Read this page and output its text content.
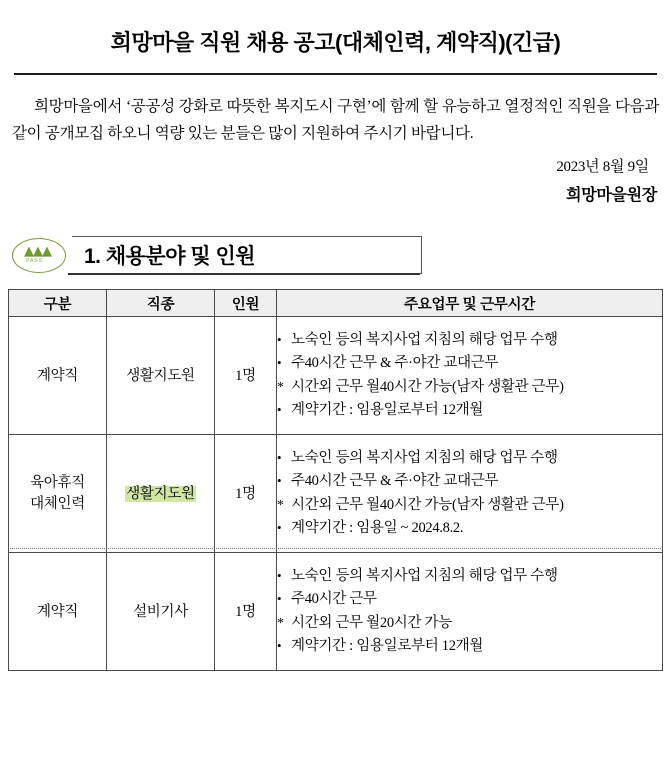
희망마을 직원 채용 공고(대체인력, 계약직)(긴급)
희망마을에서 ‘공공성 강화로 따뜻한 복지도시 구현’에 함께 할 유능하고 열정적인 직원을 다음과 같이 공개모집 하오니 역량 있는 분들은 많이 지원하여 주시기 바랍니다.
2023년 8월 9일
희망마을원장
▲▲▲
PASS	1. 채용분야 및 인원
구분	직종	인원	주요업무 및 근무시간
계약직	생활지도원	1명	
• 노숙인 등의 복지사업 지침의 해당 업무 수행
• 주40시간 근무 & 주·야간 교대근무
* 시간외 근무 월40시간 가능(남자 생활관 근무)
• 계약기간 : 임용일로부터 12개월

육아휴직
대체인력
	생활지도원	1명	
• 노숙인 등의 복지사업 지침의 해당 업무 수행
• 주40시간 근무 & 주·야간 교대근무
* 시간외 근무 월40시간 가능(남자 생활관 근무)
• 계약기간 : 임용일 ~ 2024.8.2.

계약직	설비기사	1명	
• 노숙인 등의 복지사업 지침의 해당 업무 수행
• 주40시간 근무
* 시간외 근무 월20시간 가능
• 계약기간 : 임용일로부터 12개월
